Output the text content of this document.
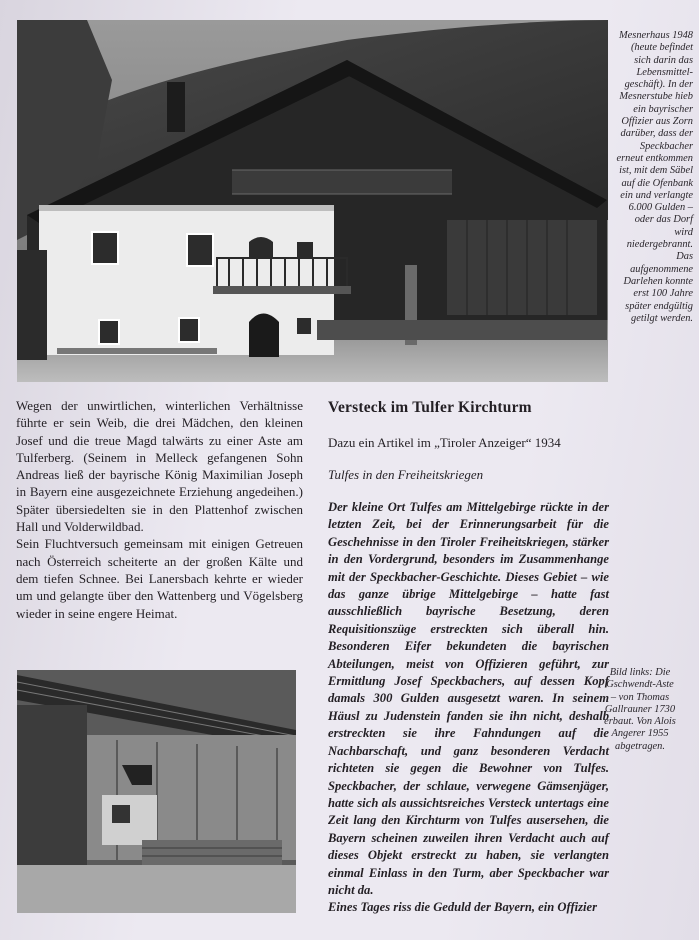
Mesnerhaus 1948 (heute befindet sich darin das Lebensmittel-geschäft). In der Mesnerstube hieb ein bayrischer Offizier aus Zorn darüber, dass der Speckbacher erneut entkommen ist, mit dem Säbel auf die Ofenbank ein und verlangte 6.000 Gulden – oder das Dorf wird niedergebrannt. Das aufgenommene Darlehen konnte erst 100 Jahre später endgültig getilgt werden.

Wegen der unwirtlichen, winterlichen Verhältnisse führte er sein Weib, die drei Mädchen, den kleinen Josef und die treue Magd talwärts zu einer Aste am Tulferberg. (Seinem in Melleck gefangenen Sohn Andreas ließ der bayrische König Maximilian Joseph in Bayern eine ausgezeichnete Erziehung angedeihen.) Später übersiedelten sie in den Plattenhof zwischen Hall und Volderwildbad.

Sein Fluchtversuch gemeinsam mit einigen Getreuen nach Österreich scheiterte an der großen Kälte und dem tiefen Schnee. Bei Lanersbach kehrte er wieder um und gelangte über den Wattenberg und Vögelsberg wieder in seine engere Heimat.

Versteck im Tulfer Kirchturm

Dazu ein Artikel im „Tiroler Anzeiger“ 1934

Tulfes in den Freiheitskriegen

Der kleine Ort Tulfes am Mittelgebirge rückte in der letzten Zeit, bei der Erinnerungsarbeit für die Geschehnisse in den Tiroler Freiheitskriegen, stärker in den Vordergrund, besonders im Zusammenhange mit der Speckbacher-Geschichte. Dieses Gebiet – wie das ganze übrige Mittelgebirge – hatte fast ausschließlich bayrische Besetzung, deren Requisitionszüge erstreckten sich überall hin. Besonderen Eifer bekundeten die bayrischen Abteilungen, meist von Offizieren geführt, zur Ermittlung Josef Speckbachers, auf dessen Kopf damals 300 Gulden ausgesetzt waren. In seinem Häusl zu Judenstein fanden sie ihn nicht, deshalb erstreckten sie ihre Fahndungen auf die Nachbarschaft, und ganz besonderen Verdacht richteten sie gegen die Bewohner von Tulfes. Speckbacher, der schlaue, verwegene Gämsenjäger, hatte sich als aussichtsreiches Versteck untertags eine Zeit lang den Kirchturm von Tulfes ausersehen, die Bayern scheinen zuweilen ihren Verdacht auch auf dieses Objekt erstreckt zu haben, sie verlangten einmal Einlass in den Turm, aber Speckbacher war nicht da.

Eines Tages riss die Geduld der Bayern, ein Offizier

Bild links: Die Gschwendt-Aste – von Thomas Gallrauner 1730 erbaut. Von Alois Angerer 1955 abgetragen.
